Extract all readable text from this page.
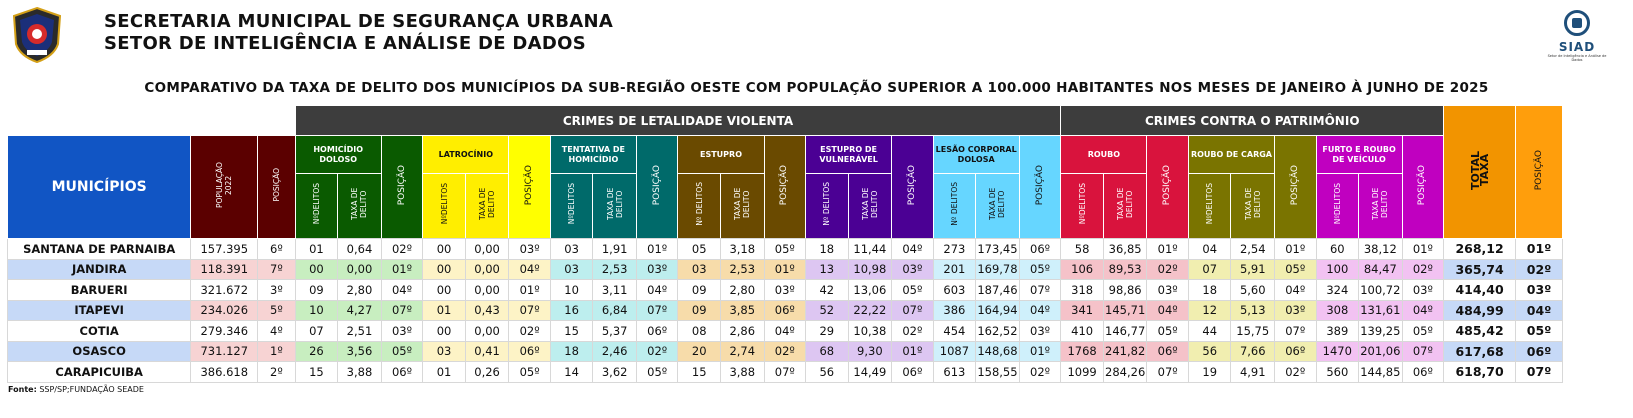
SECRETARIA MUNICIPAL DE SEGURANÇA URBANA
SETOR DE INTELIGÊNCIA E ANÁLISE DE DADOS	SIAD
Setor de Inteligência e Análise de Dados
COMPARATIVO DA TAXA DE DELITO DOS MUNICÍPIOS DA SUB-REGIÃO OESTE COM POPULAÇÃO SUPERIOR A 100.000 HABITANTES NOS MESES DE JANEIRO À JUNHO DE 2025
			CRIMES DE LETALIDADE VIOLENTA																		CRIMES CONTRA O PATRIMÔNIO									TOTAL TAXA	POSIÇÃO
MUNICÍPIOS	POPULAÇÃO 2022	POSIÇÃO	HOMICÍDIO DOLOSO		POSIÇÃO	LATROCÍNIO		POSIÇÃO	TENTATIVA DE HOMICÍDIO		POSIÇÃO	ESTUPRO		POSIÇÃO	ESTUPRO DE VULNERÁVEL		POSIÇÃO	LESÃO CORPORAL DOLOSA		POSIÇÃO	ROUBO		POSIÇÃO	ROUBO DE CARGA		POSIÇÃO	FURTO E ROUBO DE VEÍCULO		POSIÇÃO		
			NºDELITOS	TAXA DE DELITO		NºDELITOS	TAXA DE DELITO		NºDELITOS	TAXA DE DELITO		Nº DELITOS	TAXA DE DELITO		Nº DELITOS	TAXA DE DELITO		Nº DELITOS	TAXA DE DELITO		NºDELITOS	TAXA DE DELITO		NºDELITOS	TAXA DE DELITO		NºDELITOS	TAXA DE DELITO			

SANTANA DE PARNAIBA	157.395	6º	01	0,64	02º	00	0,00	03º	03	1,91	01º	05	3,18	05º	18	11,44	04º	273	173,45	06º	58	36,85	01º	04	2,54	01º	60	38,12	01º	268,12	01º
JANDIRA	118.391	7º	00	0,00	01º	00	0,00	04º	03	2,53	03º	03	2,53	01º	13	10,98	03º	201	169,78	05º	106	89,53	02º	07	5,91	05º	100	84,47	02º	365,74	02º
BARUERI	321.672	3º	09	2,80	04º	00	0,00	01º	10	3,11	04º	09	2,80	03º	42	13,06	05º	603	187,46	07º	318	98,86	03º	18	5,60	04º	324	100,72	03º	414,40	03º
ITAPEVI	234.026	5º	10	4,27	07º	01	0,43	07º	16	6,84	07º	09	3,85	06º	52	22,22	07º	386	164,94	04º	341	145,71	04º	12	5,13	03º	308	131,61	04º	484,99	04º
COTIA	279.346	4º	07	2,51	03º	00	0,00	02º	15	5,37	06º	08	2,86	04º	29	10,38	02º	454	162,52	03º	410	146,77	05º	44	15,75	07º	389	139,25	05º	485,42	05º
OSASCO	731.127	1º	26	3,56	05º	03	0,41	06º	18	2,46	02º	20	2,74	02º	68	9,30	01º	1087	148,68	01º	1768	241,82	06º	56	7,66	06º	1470	201,06	07º	617,68	06º
CARAPICUIBA	386.618	2º	15	3,88	06º	01	0,26	05º	14	3,62	05º	15	3,88	07º	56	14,49	06º	613	158,55	02º	1099	284,26	07º	19	4,91	02º	560	144,85	06º	618,70	07º
Fonte: SSP/SP;FUNDAÇÃO SEADE
